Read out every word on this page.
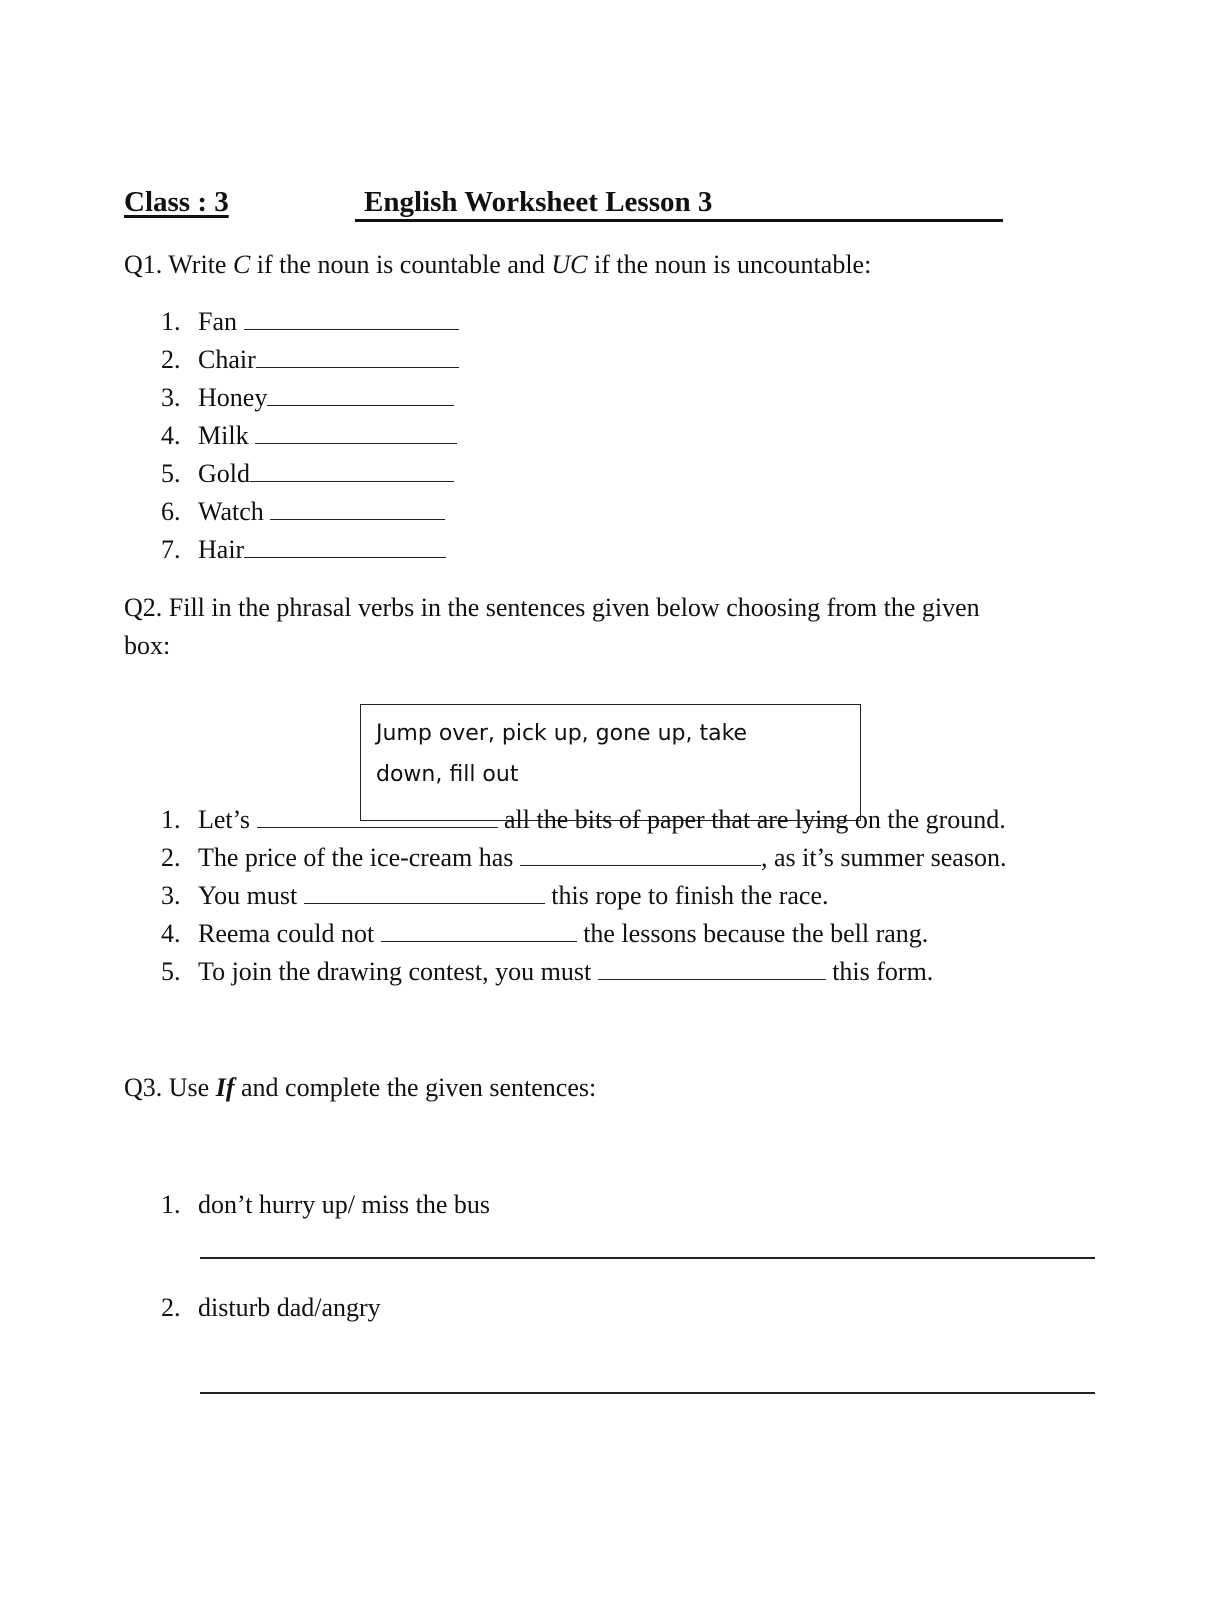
Class : 3	English Worksheet Lesson 3
Q1. Write C if the noun is countable and UC if the noun is uncountable:
1. Fan
2. Chair
3. Honey
4. Milk
5. Gold
6. Watch
7. Hair
Q2. Fill in the phrasal verbs in the sentences given below choosing from the given
box:
Jump over, pick up, gone up, take
down, fill out
1. Let’s	all the bits of paper that are lying on the ground.
2. The price of the ice-cream has	, as it’s summer season.
3. You must	this rope to finish the race.
4. Reema could not	the lessons because the bell rang.
5. To join the drawing contest, you must	this form.
Q3. Use If and complete the given sentences:
1. don’t hurry up/ miss the bus
2. disturb dad/angry
